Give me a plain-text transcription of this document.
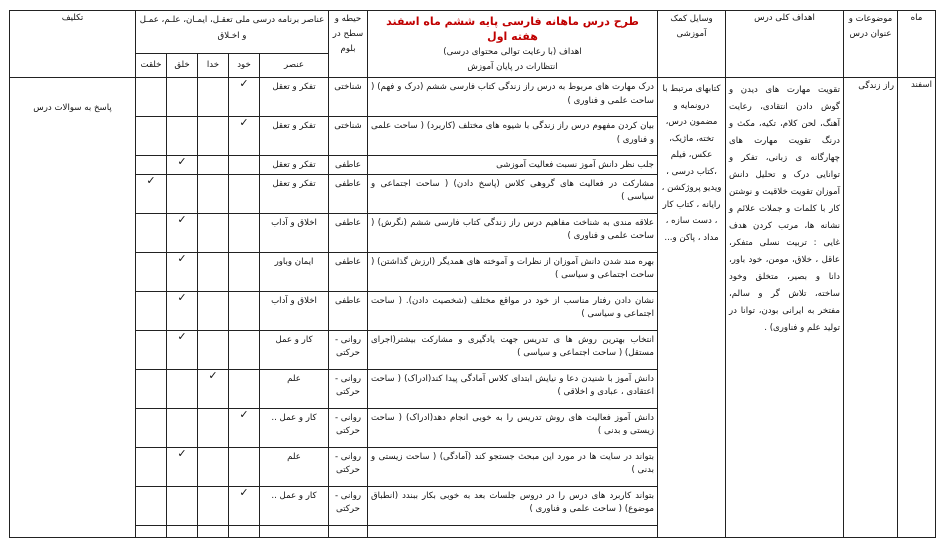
ماه	موضوعات و عنوان درس	اهداف کلی درس	وسایل کمک آموزشی	طرح درس ماهانه فارسی پایه ششم ماه اسفند هفته اول
اهداف (با رعایت توالی محتوای درسی)
انتظارات در پایان آموزش	حیطه و سطح در بلوم	عناصر برنامه درسی ملی تعقـل، ایمـان، علـم، عمـل و اخـلاق					تکلیف
						عنصر	خود	خدا	خلق	خلقت	
اسفند	راز زندگی	تقویت مهارت های دیدن و گوش دادن انتقادی، رعایت آهنگ، لحن کلام، تکیه، مکث و درنگ تقویت مهارت های چهارگانه ی زبانی، تفکر و توانایی درک و تحلیل دانش آموزان تقویت خلاقیت و نوشتن کار با کلمات و جملات علائم و نشانه ها، مرتب کردن هدف غایی : تربیت نسلی متفکر، عاقل ، خلاق، مومن، خود باور، دانا و بصیر، متخلق وخود ساخته، تلاش گر و سالم، مفتخر به ایرانی بودن، توانا در تولید علم و فناوری) .	کتابهای مرتبط با درونمایه و مضمون درس، تخته، ماژیک، عکس، فیلم ،کتاب درسی ، ویدیو پروژکشن ، رایانه ، کتاب کار ، دست سازه ، مداد ، پاکن و...	درک مهارت های مربوط به درس راز زندگی کتاب فارسی ششم (درک و فهم) ( ساحت علمی و فناوری )	شناختی	تفکر و تعقل	✓				پاسخ به سوالات درس
				بیان کردن مفهوم درس راز زندگی با شیوه های مختلف (کاربرد) ( ساحت علمی و فناوری )	شناختی	تفکر و تعقل	✓				
				جلب نظر دانش آموز نسبت فعالیت آموزشی	عاطفی	تفکر و تعقل			✓		
				مشارکت در فعالیت های گروهی کلاس (پاسخ دادن) ( ساحت اجتماعی و سیاسی )	عاطفی	تفکر و تعقل				✓	
				علاقه مندی به شناخت مفاهیم درس راز زندگی کتاب فارسی ششم (نگرش) ( ساحت علمی و فناوری )	عاطفی	اخلاق و آداب			✓		
				بهره مند شدن دانش آموزان از نظرات و آموخته های همدیگر (ارزش گذاشتن) ( ساحت اجتماعی و سیاسی )	عاطفی	ایمان وباور			✓		
				نشان دادن رفتار مناسب از خود در مواقع مختلف (شخصیت دادن). ( ساحت اجتماعی و سیاسی )	عاطفی	اخلاق و آداب			✓		
				انتخاب بهترین روش ها ی تدریس جهت یادگیری و مشارکت بیشتر(اجرای مستقل) ( ساحت اجتماعی و سیاسی )	روانی - حرکتی	کار و عمل			✓		
				دانش آموز با شنیدن دعا و نیایش ابتدای کلاس آمادگی پیدا کند(ادراک) ( ساحت اعتقادی ، عبادی و اخلاقی )	روانی - حرکتی	علم		✓			
				دانش آموز فعالیت های روش تدریس را به خوبی انجام دهد(ادراک) ( ساحت زیستی و بدنی )	روانی - حرکتی	کار و عمل ..	✓				
				بتواند در سایت ها در مورد این مبحث جستجو کند (آمادگی) ( ساحت زیستی و بدنی )	روانی - حرکتی	علم			✓		
				بتواند کاربرد های درس را در دروس جلسات بعد به خوبی بکار ببندد (انطباق موضوع) ( ساحت علمی و فناوری )	روانی - حرکتی	کار و عمل ..	✓				
